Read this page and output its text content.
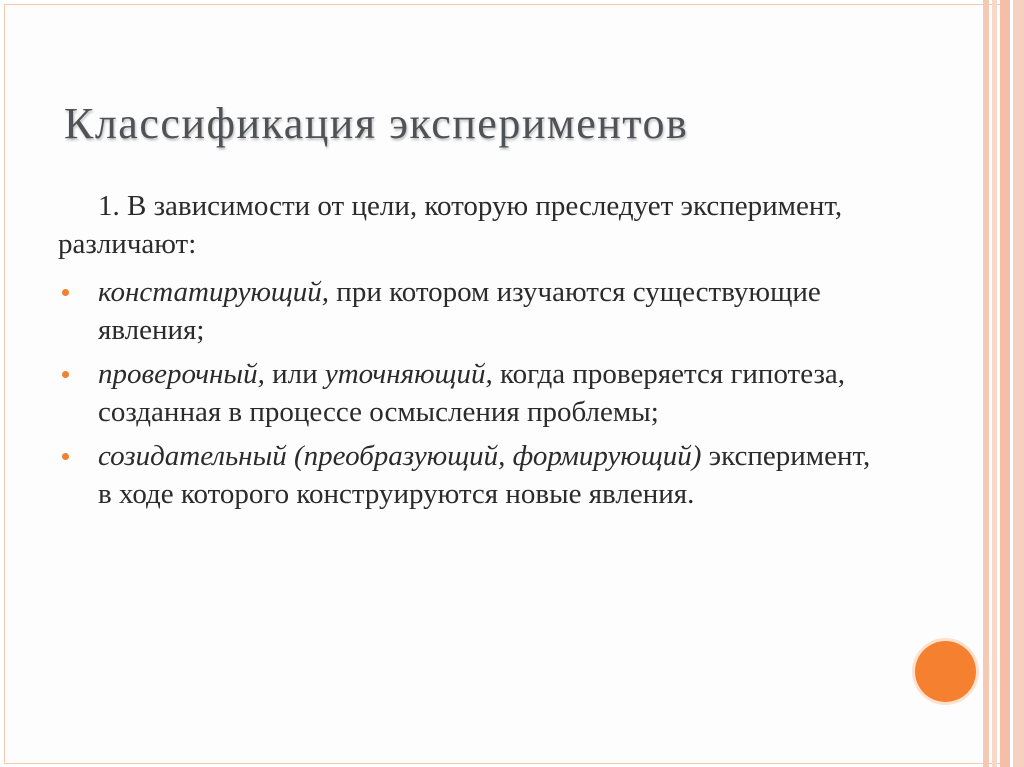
Классификация экспериментов

1. В зависимости от цели, которую преследует эксперимент, различают:

констатирующий, при котором изучаются существующие явления;
проверочный, или уточняющий, когда проверяется гипотеза, созданная в процессе осмысления проблемы;
созидательный (преобразующий, формирующий) эксперимент, в ходе которого конструируются новые явления.
